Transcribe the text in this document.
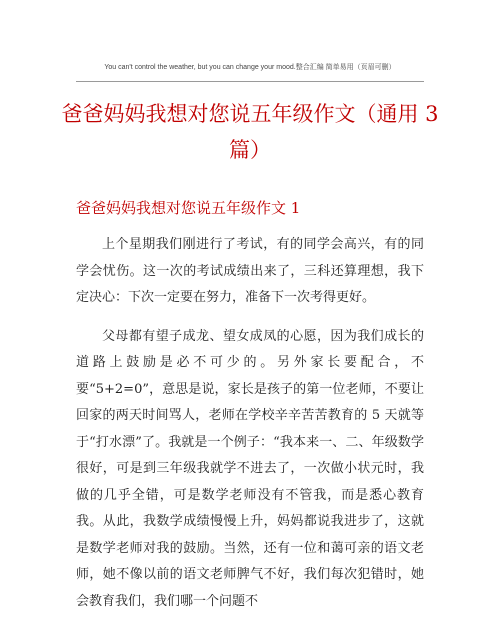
You can't control the weather, but you can change your mood.整合汇编 简单易用（页眉可删）
爸爸妈妈我想对您说五年级作文（通用 3 篇）
爸爸妈妈我想对您说五年级作文 1

上个星期我们刚进行了考试，有的同学会高兴，有的同学会忧伤。这一次的考试成绩出来了，三科还算理想，我下定决心：下次一定要在努力，准备下一次考得更好。

父母都有望子成龙、望女成凤的心愿，因为我们成长的道路上鼓励是必不可少的。另外家长要配合，不要“5+2=0”，意思是说，家长是孩子的第一位老师，不要让回家的两天时间骂人，老师在学校辛辛苦苦教育的 5 天就等于“打水漂”了。我就是一个例子：“我本来一、二、年级数学很好，可是到三年级我就学不进去了，一次做小状元时，我做的几乎全错，可是数学老师没有不管我，而是悉心教育我。从此，我数学成绩慢慢上升，妈妈都说我进步了，这就是数学老师对我的鼓励。当然，还有一位和蔼可亲的语文老师，她不像以前的语文老师脾气不好，我们每次犯错时，她会教育我们，我们哪一个问题不
